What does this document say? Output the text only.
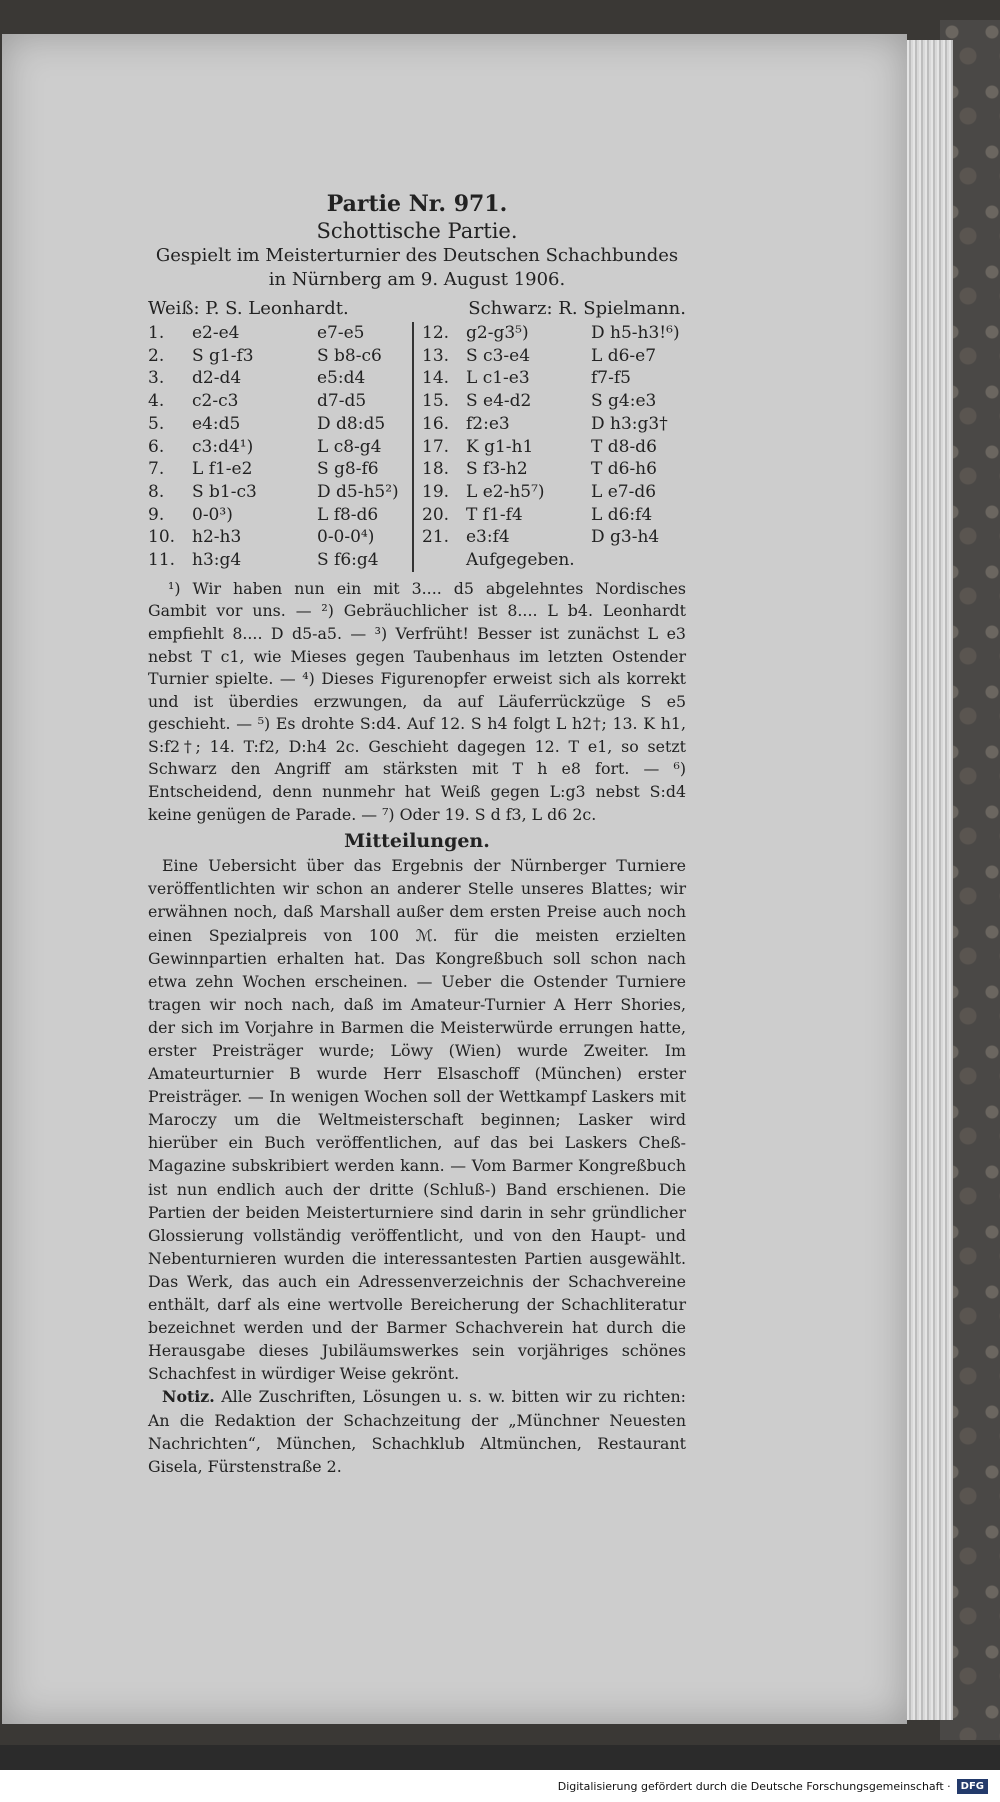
Partie Nr. 971.

Schottische Partie.

Gespielt im Meisterturnier des Deutschen Schachbundes in Nürnberg am 9. August 1906.

Weiß: P. S. Leonhardt.	Schwarz: R. Spielmann.
1.	e2-e4	e7-e5
2.	S g1-f3	S b8-c6
3.	d2-d4	e5:d4
4.	c2-c3	d7-d5
5.	e4:d5	D d8:d5
6.	c3:d4¹)	L c8-g4
7.	L f1-e2	S g8-f6
8.	S b1-c3	D d5-h5²)
9.	0-0³)	L f8-d6
10. h2-h3	0-0-0⁴)
11. h3:g4	S f6:g4
12. g2-g3⁵)	D h5-h3!⁶)
13. S c3-e4	L d6-e7
14. L c1-e3	f7-f5
15. S e4-d2	S g4:e3
16. f2:e3	D h3:g3†
17. K g1-h1	T d8-d6
18. S f3-h2	T d6-h6
19. L e2-h5⁷)	L e7-d6
20. T f1-f4	L d6:f4
21. e3:f4	D g3-h4
Aufgegeben.
¹) Wir haben nun ein mit 3.... d5 abgelehntes Nordisches Gambit vor uns. — ²) Gebräuchlicher ist 8.... L b4. Leonhardt empfiehlt 8.... D d5-a5. — ³) Verfrüht! Besser ist zunächst L e3 nebst T c1, wie Mieses gegen Taubenhaus im letzten Ostender Turnier spielte. — ⁴) Dieses Figurenopfer erweist sich als korrekt und ist überdies erzwungen, da auf Läuferrückzüge S e5 geschieht. — ⁵) Es drohte S:d4. Auf 12. S h4 folgt L h2†; 13. K h1, S:f2†; 14. T:f2, D:h4 2c. Geschieht dagegen 12. T e1, so setzt Schwarz den Angriff am stärksten mit T h e8 fort. — ⁶) Entscheidend, denn nunmehr hat Weiß gegen L:g3 nebst S:d4 keine genügen de Parade. — ⁷) Oder 19. S d f3, L d6 2c.
Mitteilungen.
Eine Uebersicht über das Ergebnis der Nürnberger Turniere veröffentlichten wir schon an anderer Stelle unseres Blattes; wir erwähnen noch, daß Marshall außer dem ersten Preise auch noch einen Spezialpreis von 100 ℳ. für die meisten erzielten Gewinnpartien erhalten hat. Das Kongreßbuch soll schon nach etwa zehn Wochen erscheinen. — Ueber die Ostender Turniere tragen wir noch nach, daß im Amateur-Turnier A Herr Shories, der sich im Vorjahre in Barmen die Meisterwürde errungen hatte, erster Preisträger wurde; Löwy (Wien) wurde Zweiter. Im Amateurturnier B wurde Herr Elsaschoff (München) erster Preisträger. — In wenigen Wochen soll der Wettkampf Laskers mit Maroczy um die Weltmeisterschaft beginnen; Lasker wird hierüber ein Buch veröffentlichen, auf das bei Laskers Cheß-Magazine subskribiert werden kann. — Vom Barmer Kongreßbuch ist nun endlich auch der dritte (Schluß-) Band erschienen. Die Partien der beiden Meisterturniere sind darin in sehr gründlicher Glossierung vollständig veröffentlicht, und von den Haupt- und Nebenturnieren wurden die interessantesten Partien ausgewählt. Das Werk, das auch ein Adressenverzeichnis der Schachvereine enthält, darf als eine wertvolle Bereicherung der Schachliteratur bezeichnet werden und der Barmer Schachverein hat durch die Herausgabe dieses Jubiläumswerkes sein vorjähriges schönes Schachfest in würdiger Weise gekrönt.
Notiz. Alle Zuschriften, Lösungen u. s. w. bitten wir zu richten: An die Redaktion der Schachzeitung der „Münchner Neuesten Nachrichten“, München, Schachklub Altmünchen, Restaurant Gisela, Fürstenstraße 2.
Digitalisierung gefördert durch die Deutsche Forschungsgemeinschaft ·	DFG
